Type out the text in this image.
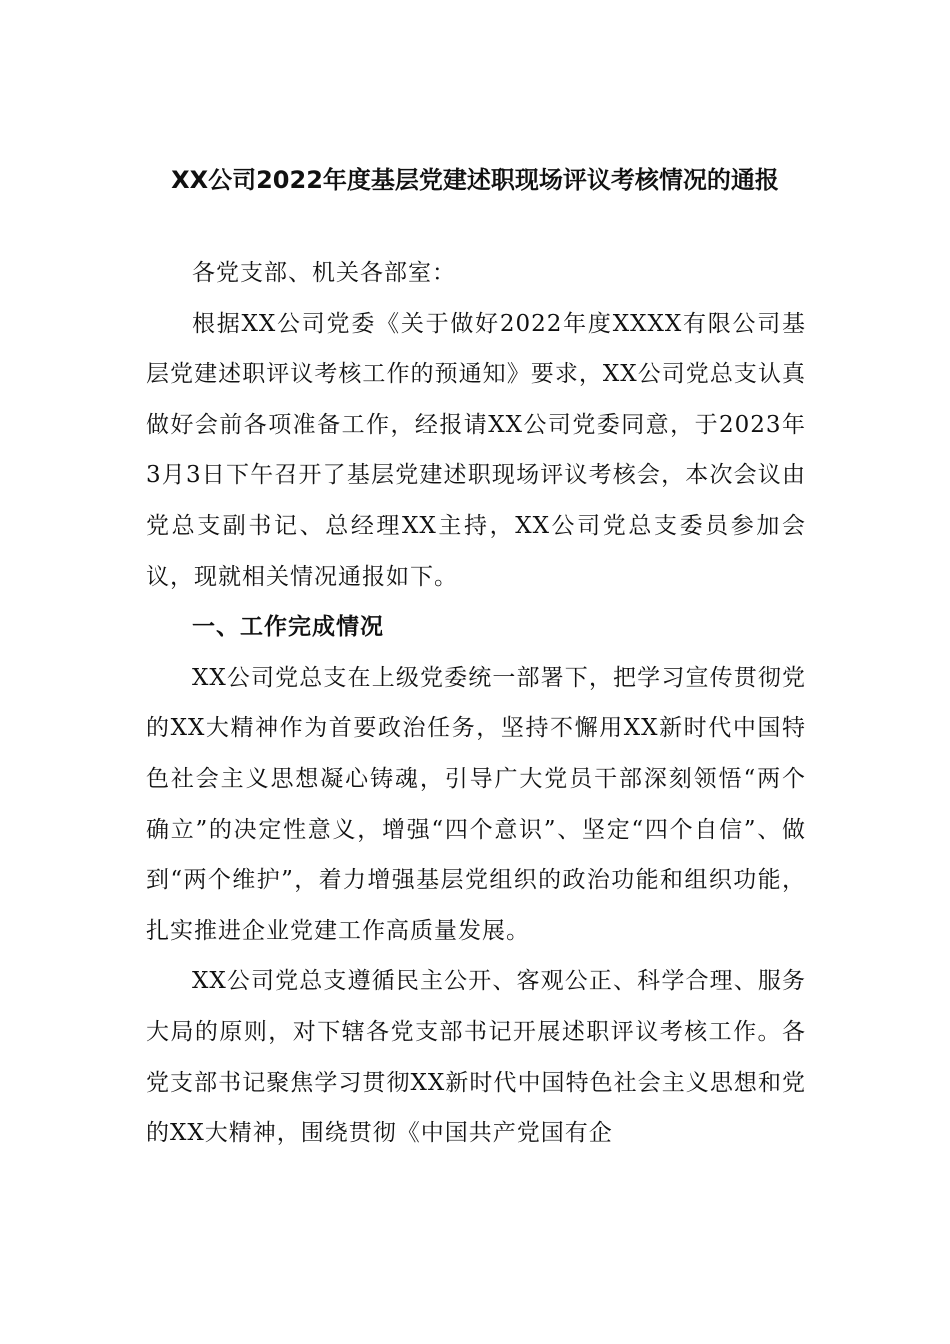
XX公司2022年度基层党建述职现场评议考核情况的通报

各党支部、机关各部室：

根据XX公司党委《关于做好2022年度XXXX有限公司基层党建述职评议考核工作的预通知》要求，XX公司党总支认真做好会前各项准备工作，经报请XX公司党委同意，于2023年3月3日下午召开了基层党建述职现场评议考核会，本次会议由党总支副书记、总经理XX主持，XX公司党总支委员参加会议，现就相关情况通报如下。

一、工作完成情况

XX公司党总支在上级党委统一部署下，把学习宣传贯彻党的XX大精神作为首要政治任务，坚持不懈用XX新时代中国特色社会主义思想凝心铸魂，引导广大党员干部深刻领悟“两个确立”的决定性意义，增强“四个意识”、坚定“四个自信”、做到“两个维护”，着力增强基层党组织的政治功能和组织功能，扎实推进企业党建工作高质量发展。

XX公司党总支遵循民主公开、客观公正、科学合理、服务大局的原则，对下辖各党支部书记开展述职评议考核工作。各党支部书记聚焦学习贯彻XX新时代中国特色社会主义思想和党的XX大精神，围绕贯彻《中国共产党国有企
